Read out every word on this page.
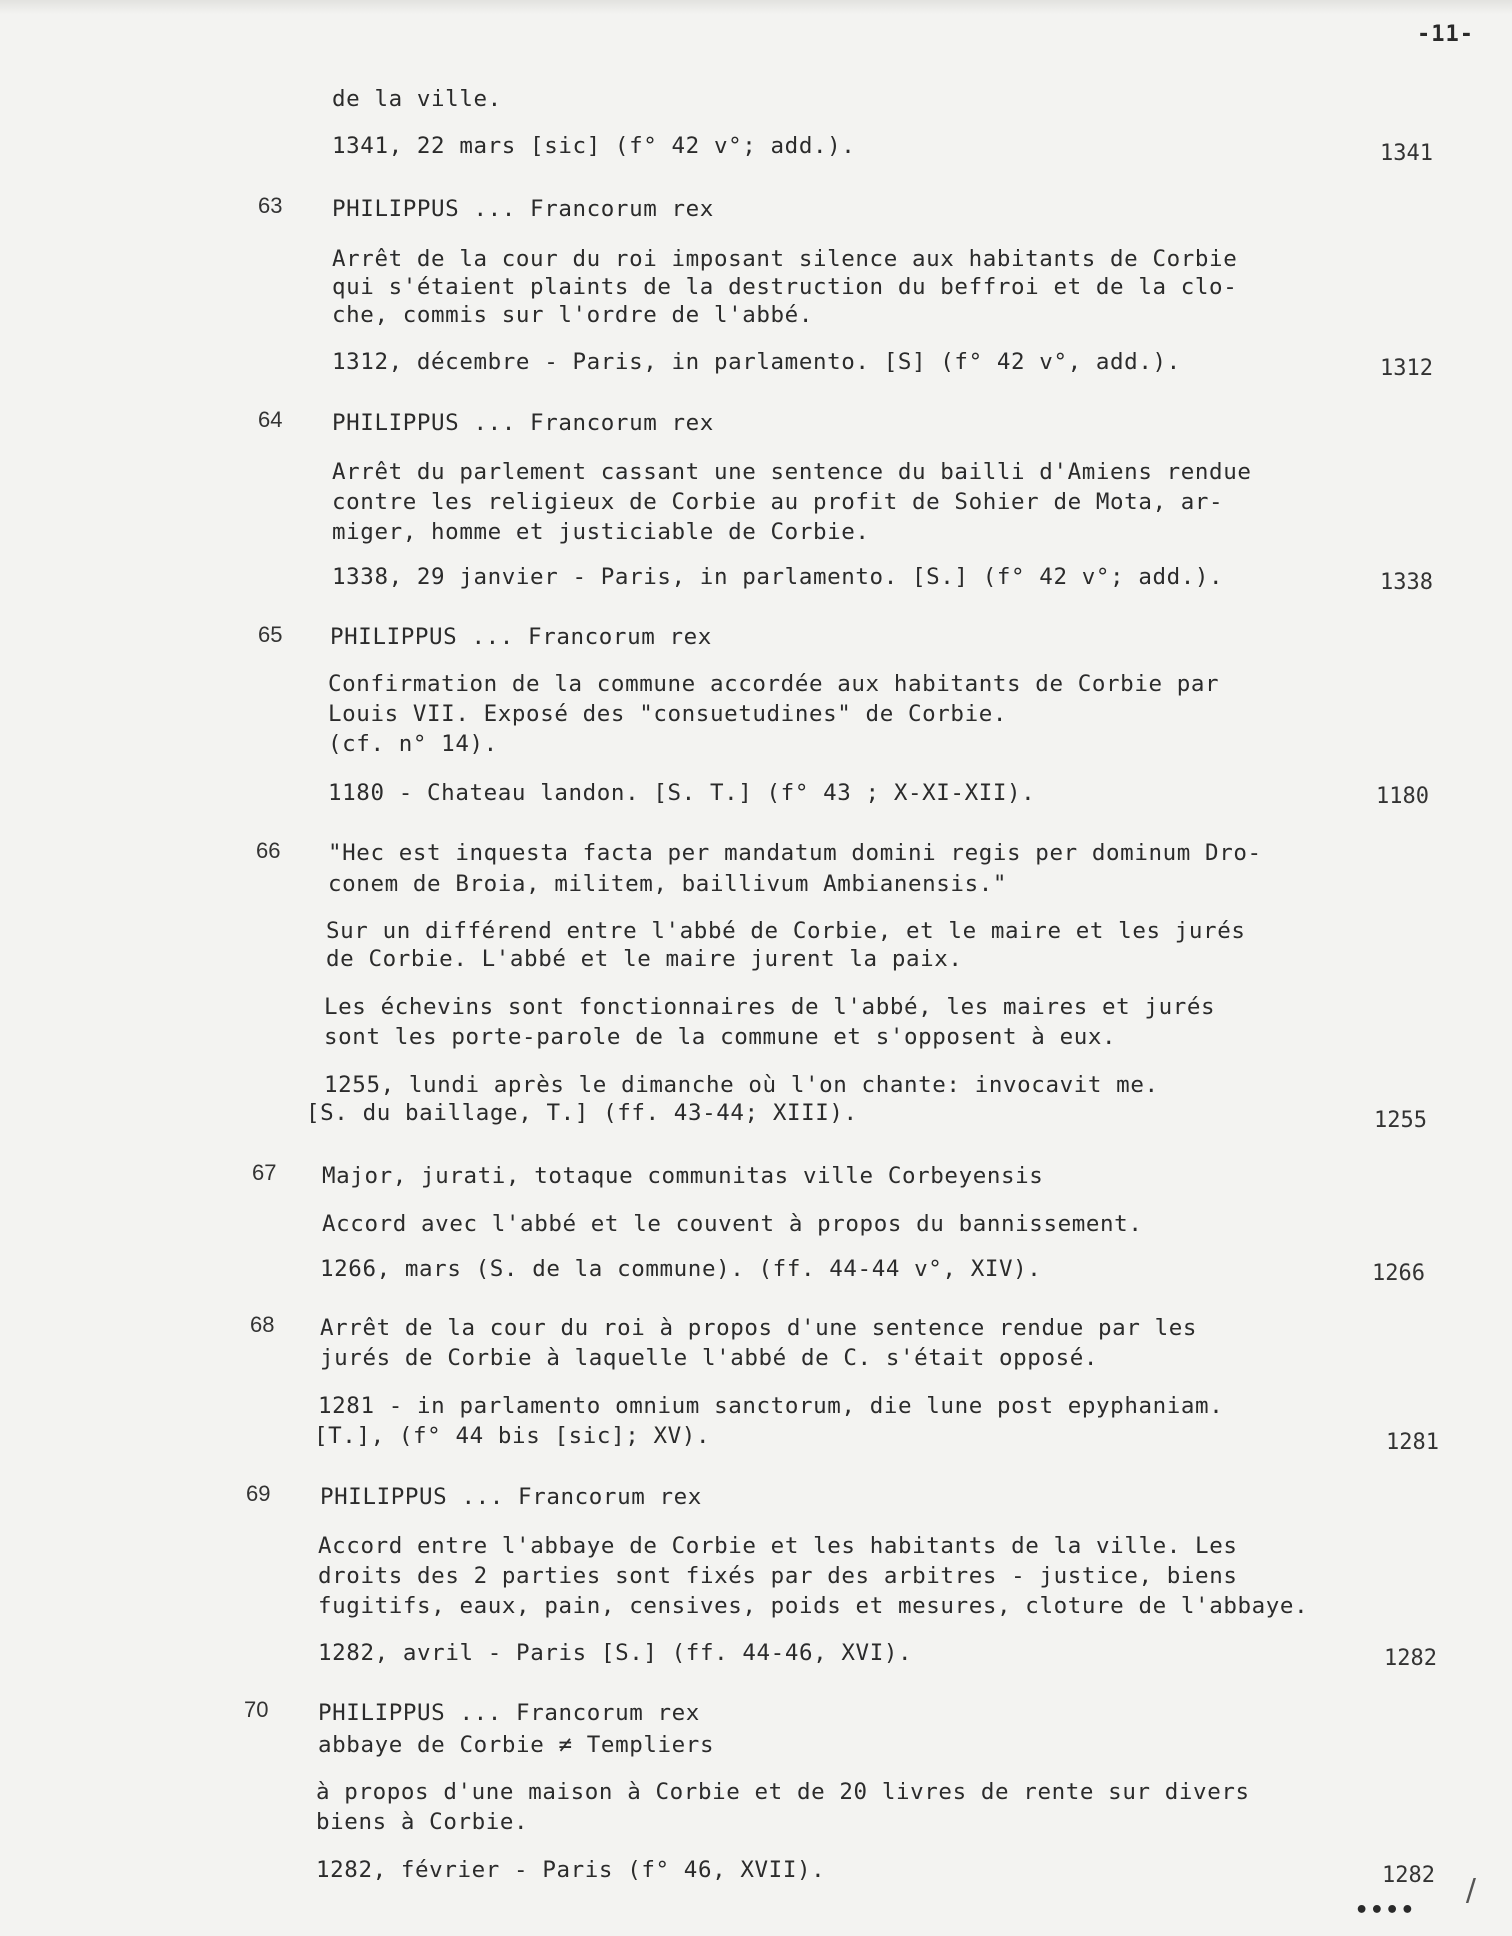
-11-
de la ville.
1341, 22 mars [sic] (f° 42 v°; add.).	1341
63 PHILIPPUS ... Francorum rex
Arrêt de la cour du roi imposant silence aux habitants de Corbie
qui s'étaient plaints de la destruction du beffroi et de la clo-
che, commis sur l'ordre de l'abbé.
1312, décembre - Paris, in parlamento. [S] (f° 42 v°, add.).	1312
64 PHILIPPUS ... Francorum rex
Arrêt du parlement cassant une sentence du bailli d'Amiens rendue
contre les religieux de Corbie au profit de Sohier de Mota, ar-
miger, homme et justiciable de Corbie.
1338, 29 janvier - Paris, in parlamento. [S.] (f° 42 v°; add.).	1338
65 PHILIPPUS ... Francorum rex
Confirmation de la commune accordée aux habitants de Corbie par
Louis VII. Exposé des "consuetudines" de Corbie.
(cf. n° 14).
1180 - Chateau landon. [S. T.] (f° 43 ; X-XI-XII).	1180
66 "Hec est inquesta facta per mandatum domini regis per dominum Dro-
conem de Broia, militem, baillivum Ambianensis."
Sur un différend entre l'abbé de Corbie, et le maire et les jurés
de Corbie. L'abbé et le maire jurent la paix.
Les échevins sont fonctionnaires de l'abbé, les maires et jurés
sont les porte-parole de la commune et s'opposent à eux.
1255, lundi après le dimanche où l'on chante: invocavit me.
[S. du baillage, T.] (ff. 43-44; XIII).	1255
67 Major, jurati, totaque communitas ville Corbeyensis
Accord avec l'abbé et le couvent à propos du bannissement.
1266, mars (S. de la commune). (ff. 44-44 v°, XIV).	1266
68 Arrêt de la cour du roi à propos d'une sentence rendue par les
jurés de Corbie à laquelle l'abbé de C. s'était opposé.
1281 - in parlamento omnium sanctorum, die lune post epyphaniam.
[T.], (f° 44 bis [sic]; XV).	1281
69 PHILIPPUS ... Francorum rex
Accord entre l'abbaye de Corbie et les habitants de la ville. Les
droits des 2 parties sont fixés par des arbitres - justice, biens
fugitifs, eaux, pain, censives, poids et mesures, cloture de l'abbaye.
1282, avril - Paris [S.] (ff. 44-46, XVI).	1282
70 PHILIPPUS ... Francorum rex
abbaye de Corbie ≠ Templiers
à propos d'une maison à Corbie et de 20 livres de rente sur divers
biens à Corbie.
1282, février - Paris (f° 46, XVII).	1282
••••
/
